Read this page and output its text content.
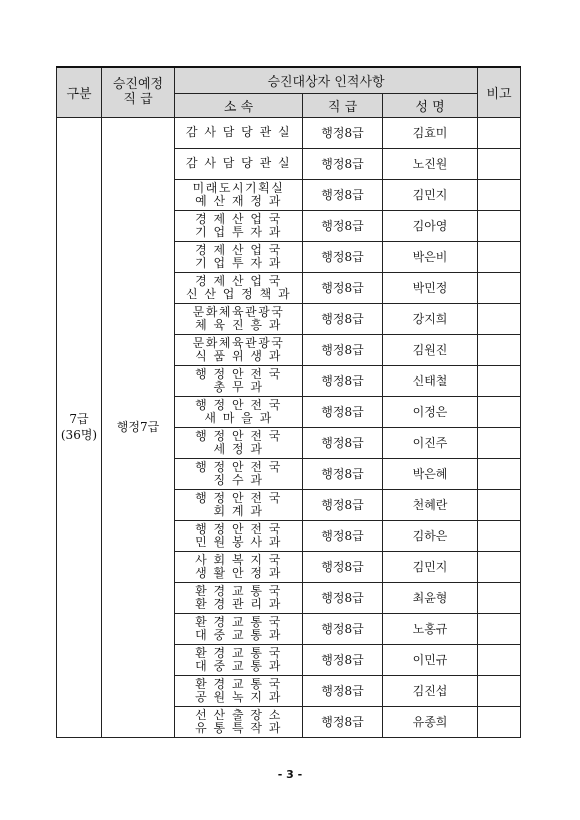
구분	승진예정
직 급	승진대상자 인적사항			비고
		소 속	직 급	성 명	

7급
(36명)	행정7급	감 사 담 당 관 실	행정8급	김효미	

		감 사 담 당 관 실	행정8급	노진원	

		미래도시기획실
예 산 재 정 과	행정8급	김민지	

		경 제 산 업 국
기 업 투 자 과	행정8급	김아영	

		경 제 산 업 국
기 업 투 자 과	행정8급	박은비	

		경 제 산 업 국
신 산 업 정 책 과	행정8급	박민정	

		문화체육관광국
체 육 진 흥 과	행정8급	강지희	

		문화체육관광국
식 품 위 생 과	행정8급	김원진	

		행 정 안 전 국
총 무 과	행정8급	신태철	

		행 정 안 전 국
새 마 을 과	행정8급	이정은	

		행 정 안 전 국
세 정 과	행정8급	이진주	

		행 정 안 전 국
징 수 과	행정8급	박은혜	

		행 정 안 전 국
회 계 과	행정8급	천혜란	

		행 정 안 전 국
민 원 봉 사 과	행정8급	김하은	

		사 회 복 지 국
생 활 안 정 과	행정8급	김민지	

		환 경 교 통 국
환 경 관 리 과	행정8급	최윤형	

		환 경 교 통 국
대 중 교 통 과	행정8급	노홍규	

		환 경 교 통 국
대 중 교 통 과	행정8급	이민규	

		환 경 교 통 국
공 원 녹 지 과	행정8급	김진섭	

		선 산 출 장 소
유 통 특 작 과	행정8급	유종희	
- 3 -
